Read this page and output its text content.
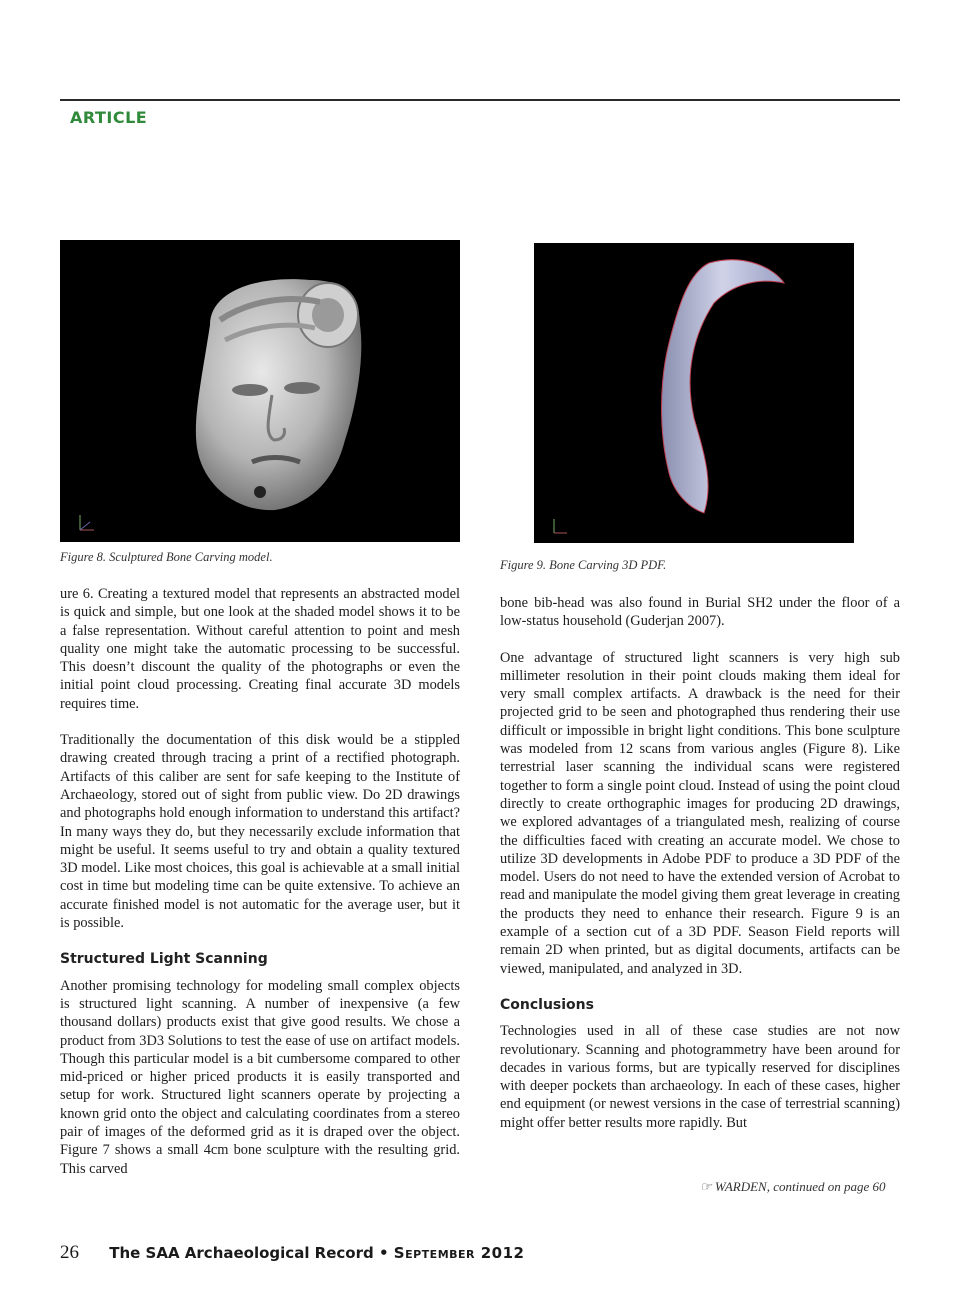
ARTICLE
Figure 8. Sculptured Bone Carving model.
Figure 9. Bone Carving 3D PDF.

ure 6. Creating a textured model that represents an abstracted model is quick and simple, but one look at the shaded model shows it to be a false representation. Without careful attention to point and mesh quality one might take the automatic processing to be successful. This doesn’t discount the quality of the photographs or even the initial point cloud processing. Creating final accurate 3D models requires time.

Traditionally the documentation of this disk would be a stippled drawing created through tracing a print of a rectified photograph. Artifacts of this caliber are sent for safe keeping to the Institute of Archaeology, stored out of sight from public view. Do 2D drawings and photographs hold enough information to understand this artifact? In many ways they do, but they necessarily exclude information that might be useful. It seems useful to try and obtain a quality textured 3D model. Like most choices, this goal is achievable at a small initial cost in time but modeling time can be quite extensive. To achieve an accurate finished model is not automatic for the average user, but it is possible.

Structured Light Scanning

Another promising technology for modeling small complex objects is structured light scanning. A number of inexpensive (a few thousand dollars) products exist that give good results. We chose a product from 3D3 Solutions to test the ease of use on artifact models. Though this particular model is a bit cumbersome compared to other mid-priced or higher priced products it is easily transported and setup for work. Structured light scanners operate by projecting a known grid onto the object and calculating coordinates from a stereo pair of images of the deformed grid as it is draped over the object. Figure 7 shows a small 4cm bone sculpture with the resulting grid. This carved

bone bib-head was also found in Burial SH2 under the floor of a low-status household (Guderjan 2007).

One advantage of structured light scanners is very high sub millimeter resolution in their point clouds making them ideal for very small complex artifacts. A drawback is the need for their projected grid to be seen and photographed thus rendering their use difficult or impossible in bright light conditions. This bone sculpture was modeled from 12 scans from various angles (Figure 8). Like terrestrial laser scanning the individual scans were registered together to form a single point cloud. Instead of using the point cloud directly to create orthographic images for producing 2D drawings, we explored advantages of a triangulated mesh, realizing of course the difficulties faced with creating an accurate model. We chose to utilize 3D developments in Adobe PDF to produce a 3D PDF of the model. Users do not need to have the extended version of Acrobat to read and manipulate the model giving them great leverage in creating the products they need to enhance their research. Figure 9 is an example of a section cut of a 3D PDF. Season Field reports will remain 2D when printed, but as digital documents, artifacts can be viewed, manipulated, and analyzed in 3D.

Conclusions

Technologies used in all of these case studies are not now revolutionary. Scanning and photogrammetry have been around for decades in various forms, but are typically reserved for disciplines with deeper pockets than archaeology. In each of these cases, higher end equipment (or newest versions in the case of terrestrial scanning) might offer better results more rapidly. But

☞ WARDEN, continued on page 60
26 The SAA Archaeological Record • September 2012
